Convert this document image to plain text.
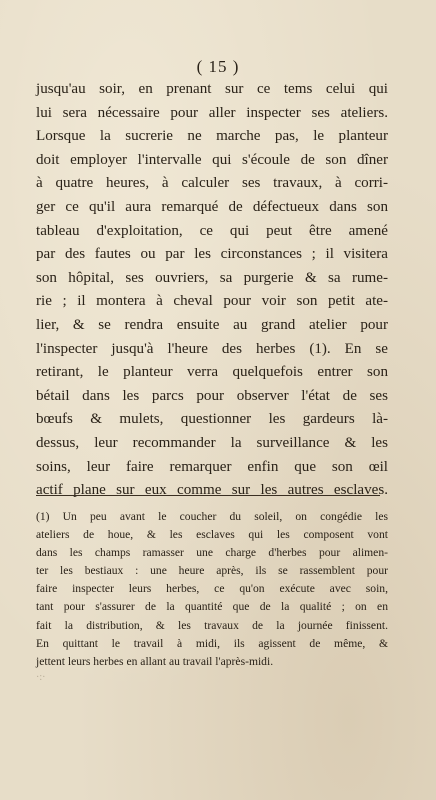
( 15 )
jusqu'au soir, en prenant sur ce tems celui qui
lui sera nécessaire pour aller inspecter ses ateliers.
Lorsque la sucrerie ne marche pas, le planteur
doit employer l'intervalle qui s'écoule de son dîner
à quatre heures, à calculer ses travaux, à corri-
ger ce qu'il aura remarqué de défectueux dans son
tableau d'exploitation, ce qui peut être amené
par des fautes ou par les circonstances ; il visitera
son hôpital, ses ouvriers, sa purgerie & sa rume-
rie ; il montera à cheval pour voir son petit ate-
lier, & se rendra ensuite au grand atelier pour
l'inspecter jusqu'à l'heure des herbes (1). En se
retirant, le planteur verra quelquefois entrer son
bétail dans les parcs pour observer l'état de ses
bœufs & mulets, questionner les gardeurs là-
dessus, leur recommander la surveillance & les
soins, leur faire remarquer enfin que son œil
actif plane sur eux comme sur les autres esclaves.
(1) Un peu avant le coucher du soleil, on congédie les
ateliers de houe, & les esclaves qui les composent vont
dans les champs ramasser une charge d'herbes pour alimen-
ter les bestiaux : une heure après, ils se rassemblent pour
faire inspecter leurs herbes, ce qu'on exécute avec soin,
tant pour s'assurer de la quantité que de la qualité ; on en
fait la distribution, & les travaux de la journée finissent.
En quittant le travail à midi, ils agissent de même, &
jettent leurs herbes en allant au travail l'après-midi.
·:·
